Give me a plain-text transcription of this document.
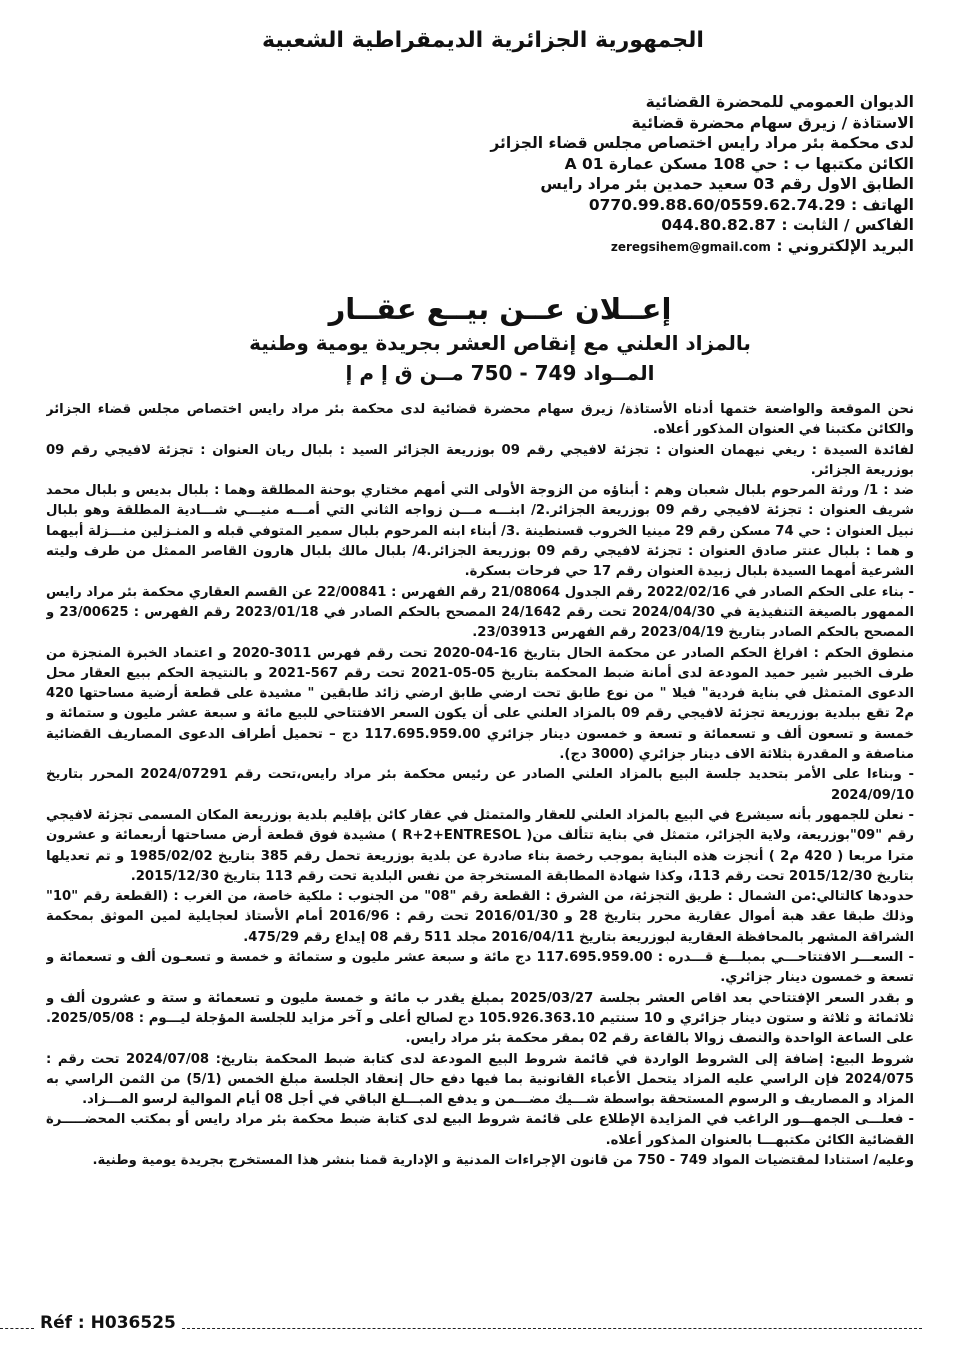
الجمهورية الجزائرية الديمقراطية الشعبية
الديوان العمومي للمحضرة القضائية
الاستاذة / زيرق سهام محضرة قضائية
لدى محكمة بئر مراد رايس اختصاص مجلس قضاء الجزائر
الكائن مكتبها ب : حي 108 مسكن عمارة A 01
الطابق الاول رقم 03 سعيد حمدين بئر مراد رايس
الهاتف : 0770.99.88.60/0559.62.74.29
الفاكس / الثابت : 044.80.82.87
البريد الإلكتروني : zeregsihem@gmail.com
إعــلان عــن بيــع عقــار
بالمزاد العلني مع إنقاص العشر بجريدة يومية وطنية
المــواد 749 - 750 مــن ق إ م إ

نحن الموقعة والواضعة ختمها أدناه الأستاذة/ زيرق سهام محضرة قضائية لدى محكمة بئر مراد رايس اختصاص مجلس قضاء الجزائر والكائن مكتبنا في العنوان المذكور أعلاه.

لفائدة السيدة : ريغي نيهمان العنوان : تجزئة لافيجي رقم 09 بوزريعة الجزائر السيد : بلبال ريان العنوان : تجزئة لافيجي رقم 09 بوزريعة الجزائر.

ضد : 1/ ورثة المرحوم بلبال شعبان وهم : أبناؤه من الزوجة الأولى التي أمهم مختاري بوحنة المطلقة وهما : بلبال بديس و بلبال محمد شريف العنوان : تجزئة لافيجي رقم 09 بوزريعة الجزائر.2/ ابنـــه مـــن زواجه الثاني التي أمـــه منيـــي شـــادية المطلقة وهو بلبال نبيل العنوان : حي 74 مسكن رقم 29 مينيا الخروب قسنطينة .3/ أبناء ابنه المرحوم بلبال سمير المتوفي قبله و المنـزلين منـــزلة أبيهما و هما : بلبال عنتر صادق العنوان : تجزئة لافيجي رقم 09 بوزريعة الجزائر.4/ بلبال مالك بلبال هارون القاصر الممثل من طرف وليته الشرعية أمهما السيدة بلبال زبيدة العنوان رقم 17 حي فرحات بسكرة.

- بناء على الحكم الصادر في 2022/02/16 رقم الجدول 21/08064 رقم الفهرس : 22/00841 عن القسم العقاري محكمة بئر مراد رايس الممهور بالصيغة التنفيذية في 2024/04/30 تحت رقم 24/1642 المصحح بالحكم الصادر في 2023/01/18 رقم الفهرس : 23/00625 و المصحح بالحكم الصادر بتاريخ 2023/04/19 رقم الفهرس 23/03913.

منطوق الحكم : افراغ الحكم الصادر عن محكمة الحال بتاريخ 16-04-2020 تحت رقم فهرس 3011-2020 و اعتماد الخبرة المنجزة من طرف الخبير شير حميد المودعة لدى أمانة ضبط المحكمة بتاريخ 05-05-2021 تحت رقم 567-2021 و بالنتيجة الحكم ببيع العقار محل الدعوى المتمثل في بناية فردية" فيلا " من نوع طابق تحت ارضي طابق ارضي زائد طابقين " مشيدة على قطعة أرضية مساحتها 420 م2 تقع ببلدية بوزريعة تجزئة لافيجي رقم 09 بالمزاد العلني على أن يكون السعر الافتتاحي للبيع مائة و سبعة عشر مليون و ستمائة و خمسة و تسعون ألف و تسعمائة و تسعة و خمسون دينار جزائري 117.695.959.00 دج – تحميل أطراف الدعوى المصاريف القضائية مناصفة و المقدرة بثلاثة الاف دينار جزائري (3000 دج).

- وبناءا على الأمر بتحديد جلسة البيع بالمزاد العلني الصادر عن رئيس محكمة بئر مراد رايس،تحت رقم 2024/07291 المحرر بتاريخ 2024/09/10

- نعلن للجمهور بأنه سيشرع في البيع بالمزاد العلني للعقار والمتمثل في عقار كائن بإقليم بلدية بوزريعة المكان المسمى تجزئة لافيجي رقم "09"بوزريعة، ولاية الجزائر، متمثل في بناية تتألف من( R+2+ENTRESOL ) مشيدة فوق قطعة أرض مساحتها أربعمائة و عشرون مترا مربعا ( 420 م2 ) أنجزت هذه البناية بموجب رخصة بناء صادرة عن بلدية بوزريعة تحمل رقم 385 بتاريخ 1985/02/02 و تم تعديلها بتاريخ 2015/12/30 تحت رقم 113، وكذا شهادة المطابقة المستخرجة من نفس البلدية تحت رقم 113 بتاريخ 2015/12/30.

حدودها كالتالي:من الشمال : طريق التجزئة، من الشرق : القطعة رقم "08" من الجنوب : ملكية خاصة، من الغرب : (القطعة رقم "10" وذلك طبقا عقد هبة أموال عقارية محرر بتاريخ 28 و 2016/01/30 تحت رقم : 2016/96 أمام الأستاذ لعجايلية لمين الموثق بمحكمة الشراقة المشهر بالمحافظة العقارية لبوزريعة بتاريخ 2016/04/11 مجلد 511 رقم 08 إيداع رقم 475/29.

- السعـــر الافتتاحـــي بمبلـــغ قـــدره : 117.695.959.00 دج مائة و سبعة عشر مليون و ستمائة و خمسة و تسعـون ألف و تسعمائة و تسعة و خمسون دينار جزائري.

و بقدر السعر الإفتتاحي بعد اقاص العشر بجلسة 2025/03/27 بمبلغ يقدر ب مائة و خمسة مليون و تسعمائة و ستة و عشرون ألف و ثلاثمائة و ثلاثة و ستون دينار جزائري و 10 سنتيم 105.926.363.10 دج لصالح أعلى و آخر مزايد للجلسة المؤجلة ليـــوم : 2025/05/08. على الساعة الواحدة والنصف زوالا بالقاعة رقم 02 بمقر محكمة بئر مراد رايس.

شروط البيع: إضافة إلى الشروط الواردة في قائمة شروط البيع المودعة لدى كتابة ضبط المحكمة بتاريخ: 2024/07/08 تحت رقم : 2024/075 فإن الراسي عليه المزاد يتحمل الأعباء القانونية بما فيها دفع حال إنعقاد الجلسة مبلغ الخمس (5/1) من الثمن الراسي به المزاد و المصاريف و الرسوم المستحقة بواسطة شـــيك مضـــمن و يدفع المبـــلغ الباقي في أجل 08 أيام الموالية لرسو المـــزاد.

- فعلـــى الجمهـــور الراغب في المزايدة الإطلاع على قائمة شروط البيع لدى كتابة ضبط محكمة بئر مراد رايس أو بمكتب المحضـــــرة القضائية الكائن مكتبهـــا بالعنوان المذكور أعلاه.

وعليه/ استنادا لمقتضيات المواد 749 - 750 من قانون الإجراءات المدنية و الإدارية قمنا بنشر هذا المستخرج بجريدة يومية وطنية.

Réf : H036525
